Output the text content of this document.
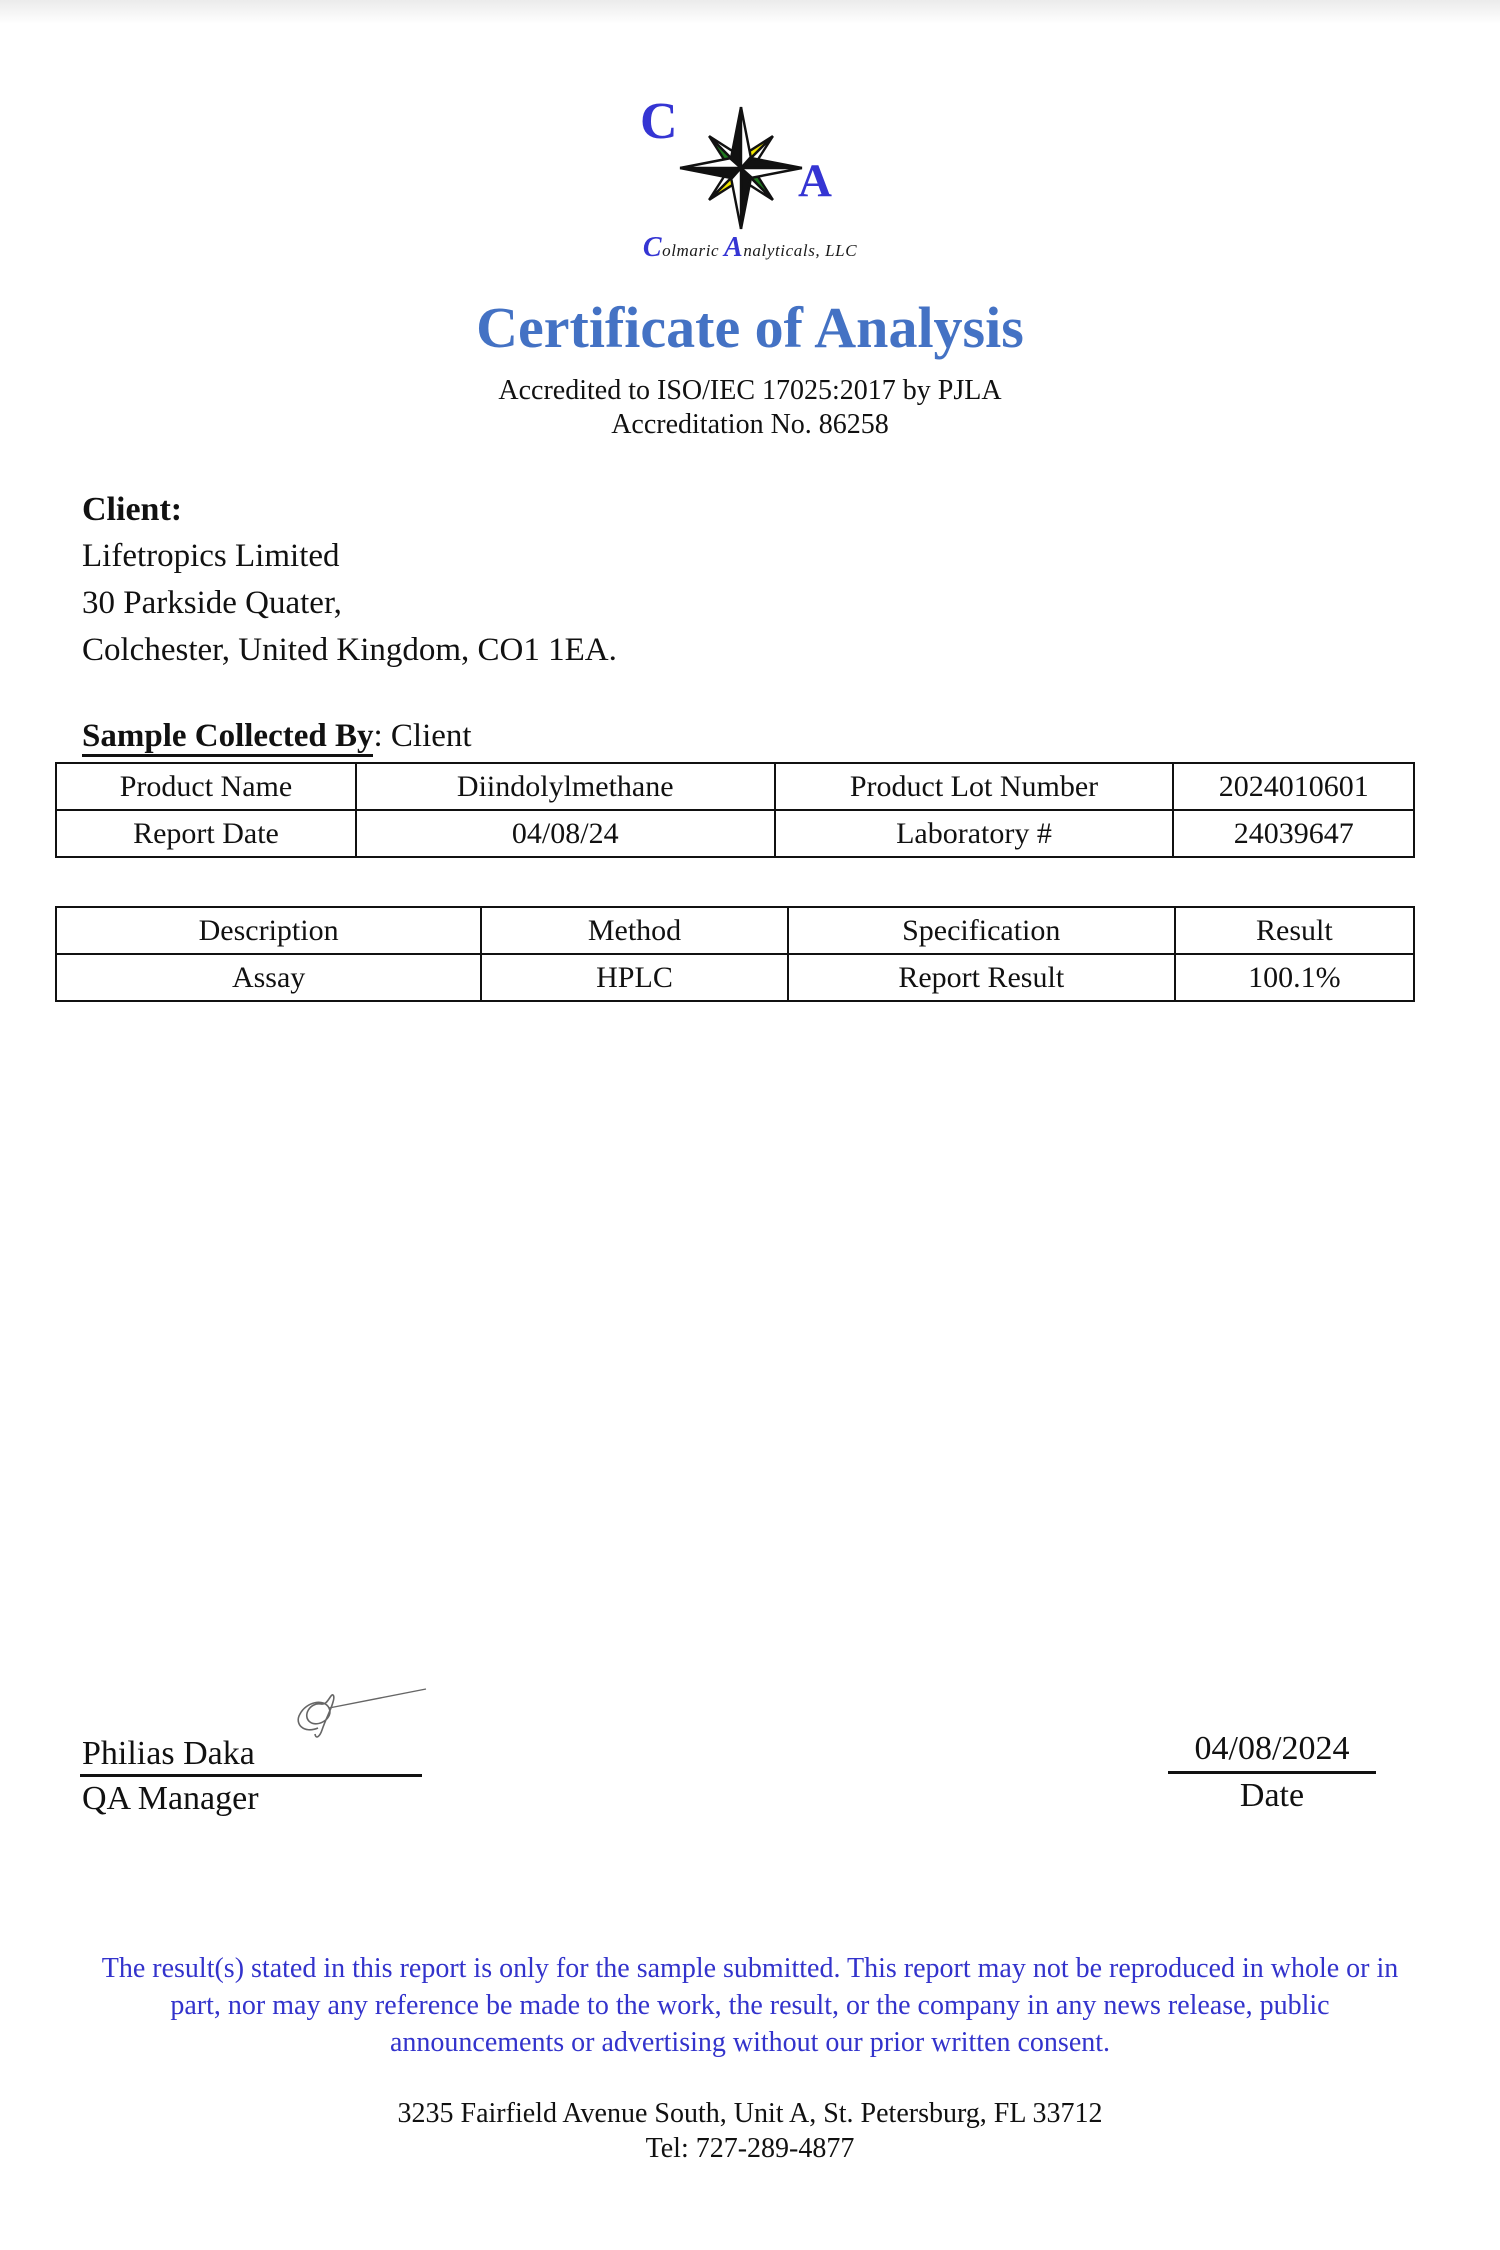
C
A
Colmaric Analyticals, LLC
Certificate of Analysis
Accredited to ISO/IEC 17025:2017 by PJLA
Accreditation No. 86258
Client:
Lifetropics Limited
30 Parkside Quater,
Colchester, United Kingdom, CO1 1EA.
Sample Collected By: Client
Product Name	Diindolylmethane	Product Lot Number	2024010601
Report Date	04/08/24	Laboratory #	24039647
Description	Method	Specification	Result
Assay	HPLC	Report Result	100.1%
Philias Daka
QA Manager
04/08/2024
Date
The result(s) stated in this report is only for the sample submitted. This report may not be reproduced in whole or in
part, nor may any reference be made to the work, the result, or the company in any news release, public
announcements or advertising without our prior written consent.
3235 Fairfield Avenue South, Unit A, St. Petersburg, FL 33712
Tel: 727-289-4877
